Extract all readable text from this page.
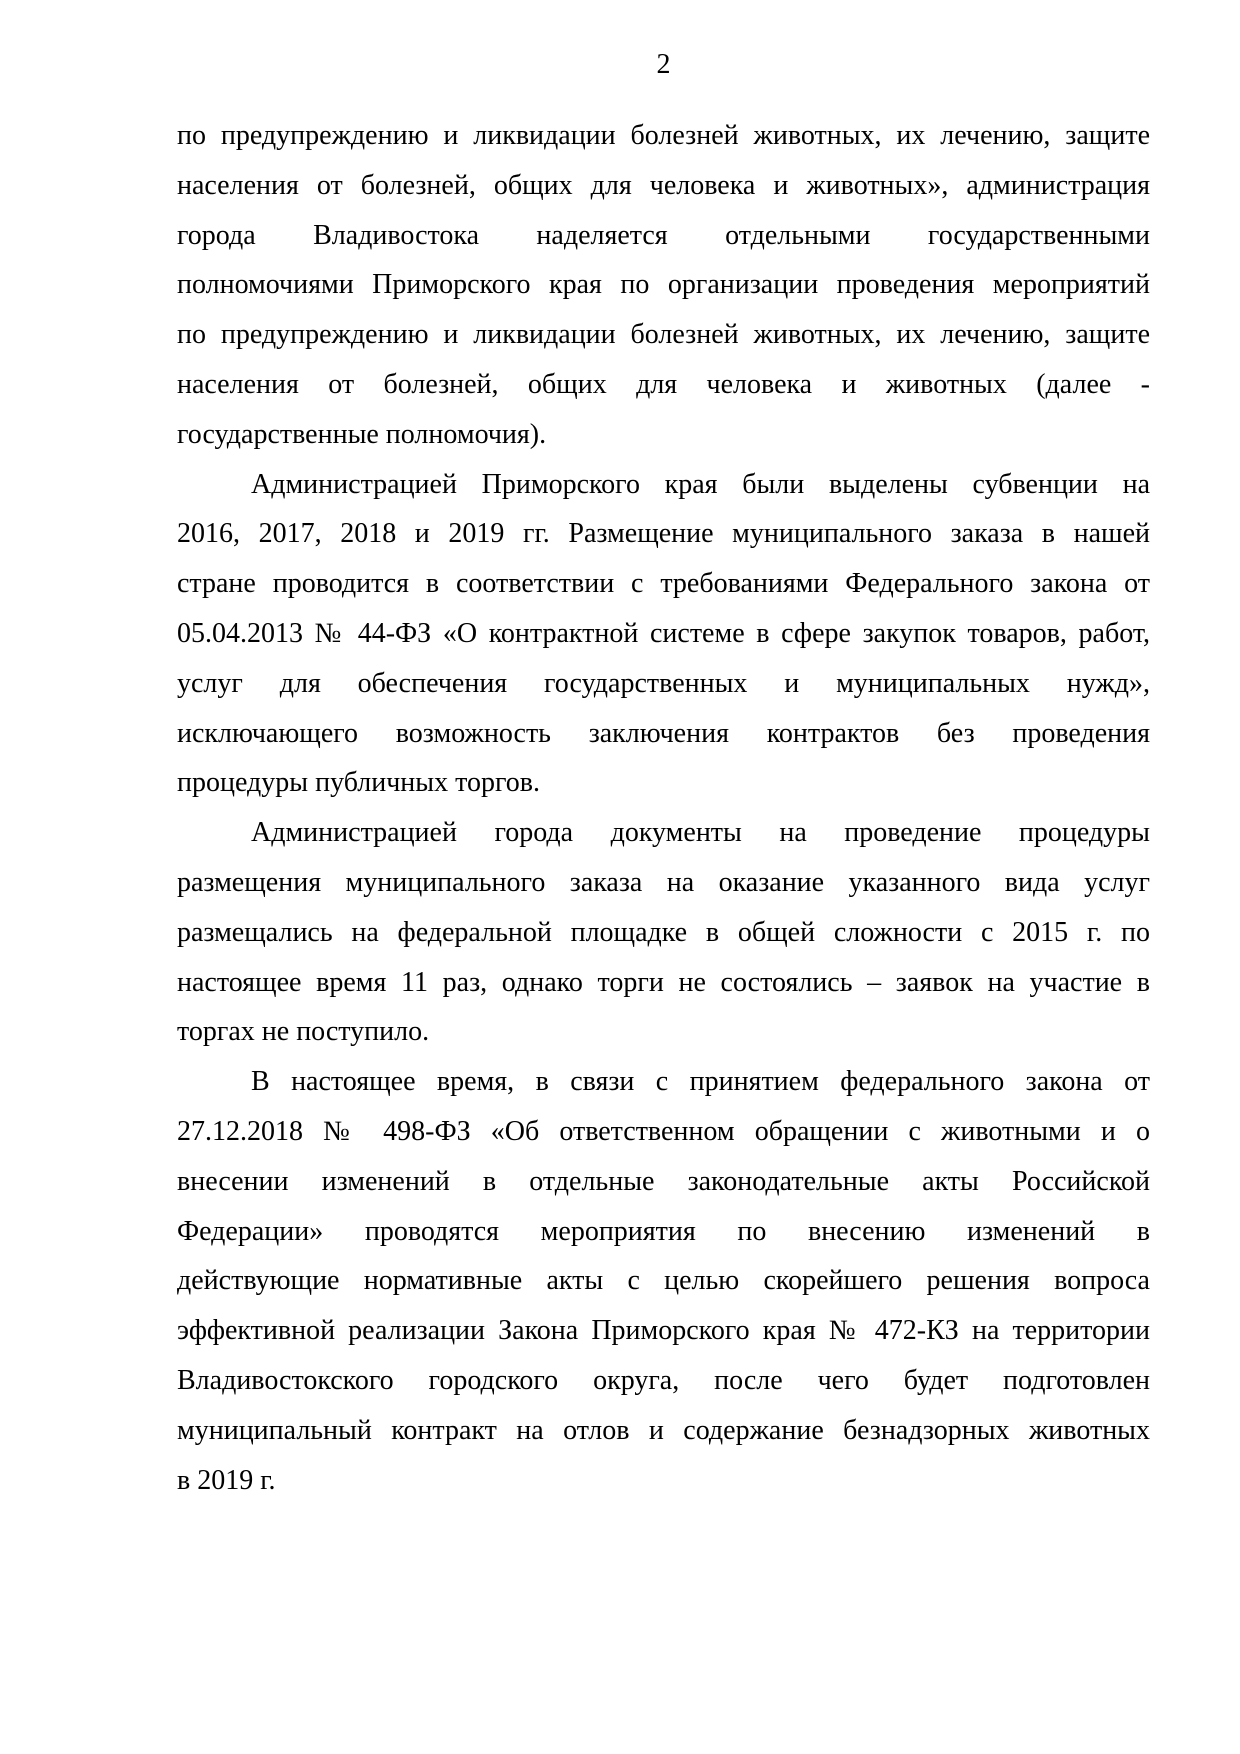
2
по предупреждению и ликвидации болезней животных, их лечению, защите
населения от болезней, общих для человека и животных», администрация
города Владивостока наделяется отдельными государственными
полномочиями Приморского края по организации проведения мероприятий
по предупреждению и ликвидации болезней животных, их лечению, защите
населения от болезней, общих для человека и животных (далее -
государственные полномочия).
Администрацией Приморского края были выделены субвенции на
2016, 2017, 2018 и 2019 гг. Размещение муниципального заказа в нашей
стране проводится в соответствии с требованиями Федерального закона от
05.04.2013 № 44-ФЗ «О контрактной системе в сфере закупок товаров, работ,
услуг для обеспечения государственных и муниципальных нужд»,
исключающего возможность заключения контрактов без проведения
процедуры публичных торгов.
Администрацией города документы на проведение процедуры
размещения муниципального заказа на оказание указанного вида услуг
размещались на федеральной площадке в общей сложности с 2015 г. по
настоящее время 11 раз, однако торги не состоялись – заявок на участие в
торгах не поступило.
В настоящее время, в связи с принятием федерального закона от
27.12.2018 № 498-ФЗ «Об ответственном обращении с животными и о
внесении изменений в отдельные законодательные акты Российской
Федерации» проводятся мероприятия по внесению изменений в
действующие нормативные акты с целью скорейшего решения вопроса
эффективной реализации Закона Приморского края № 472-КЗ на территории
Владивостокского городского округа, после чего будет подготовлен
муниципальный контракт на отлов и содержание безнадзорных животных
в 2019 г.
